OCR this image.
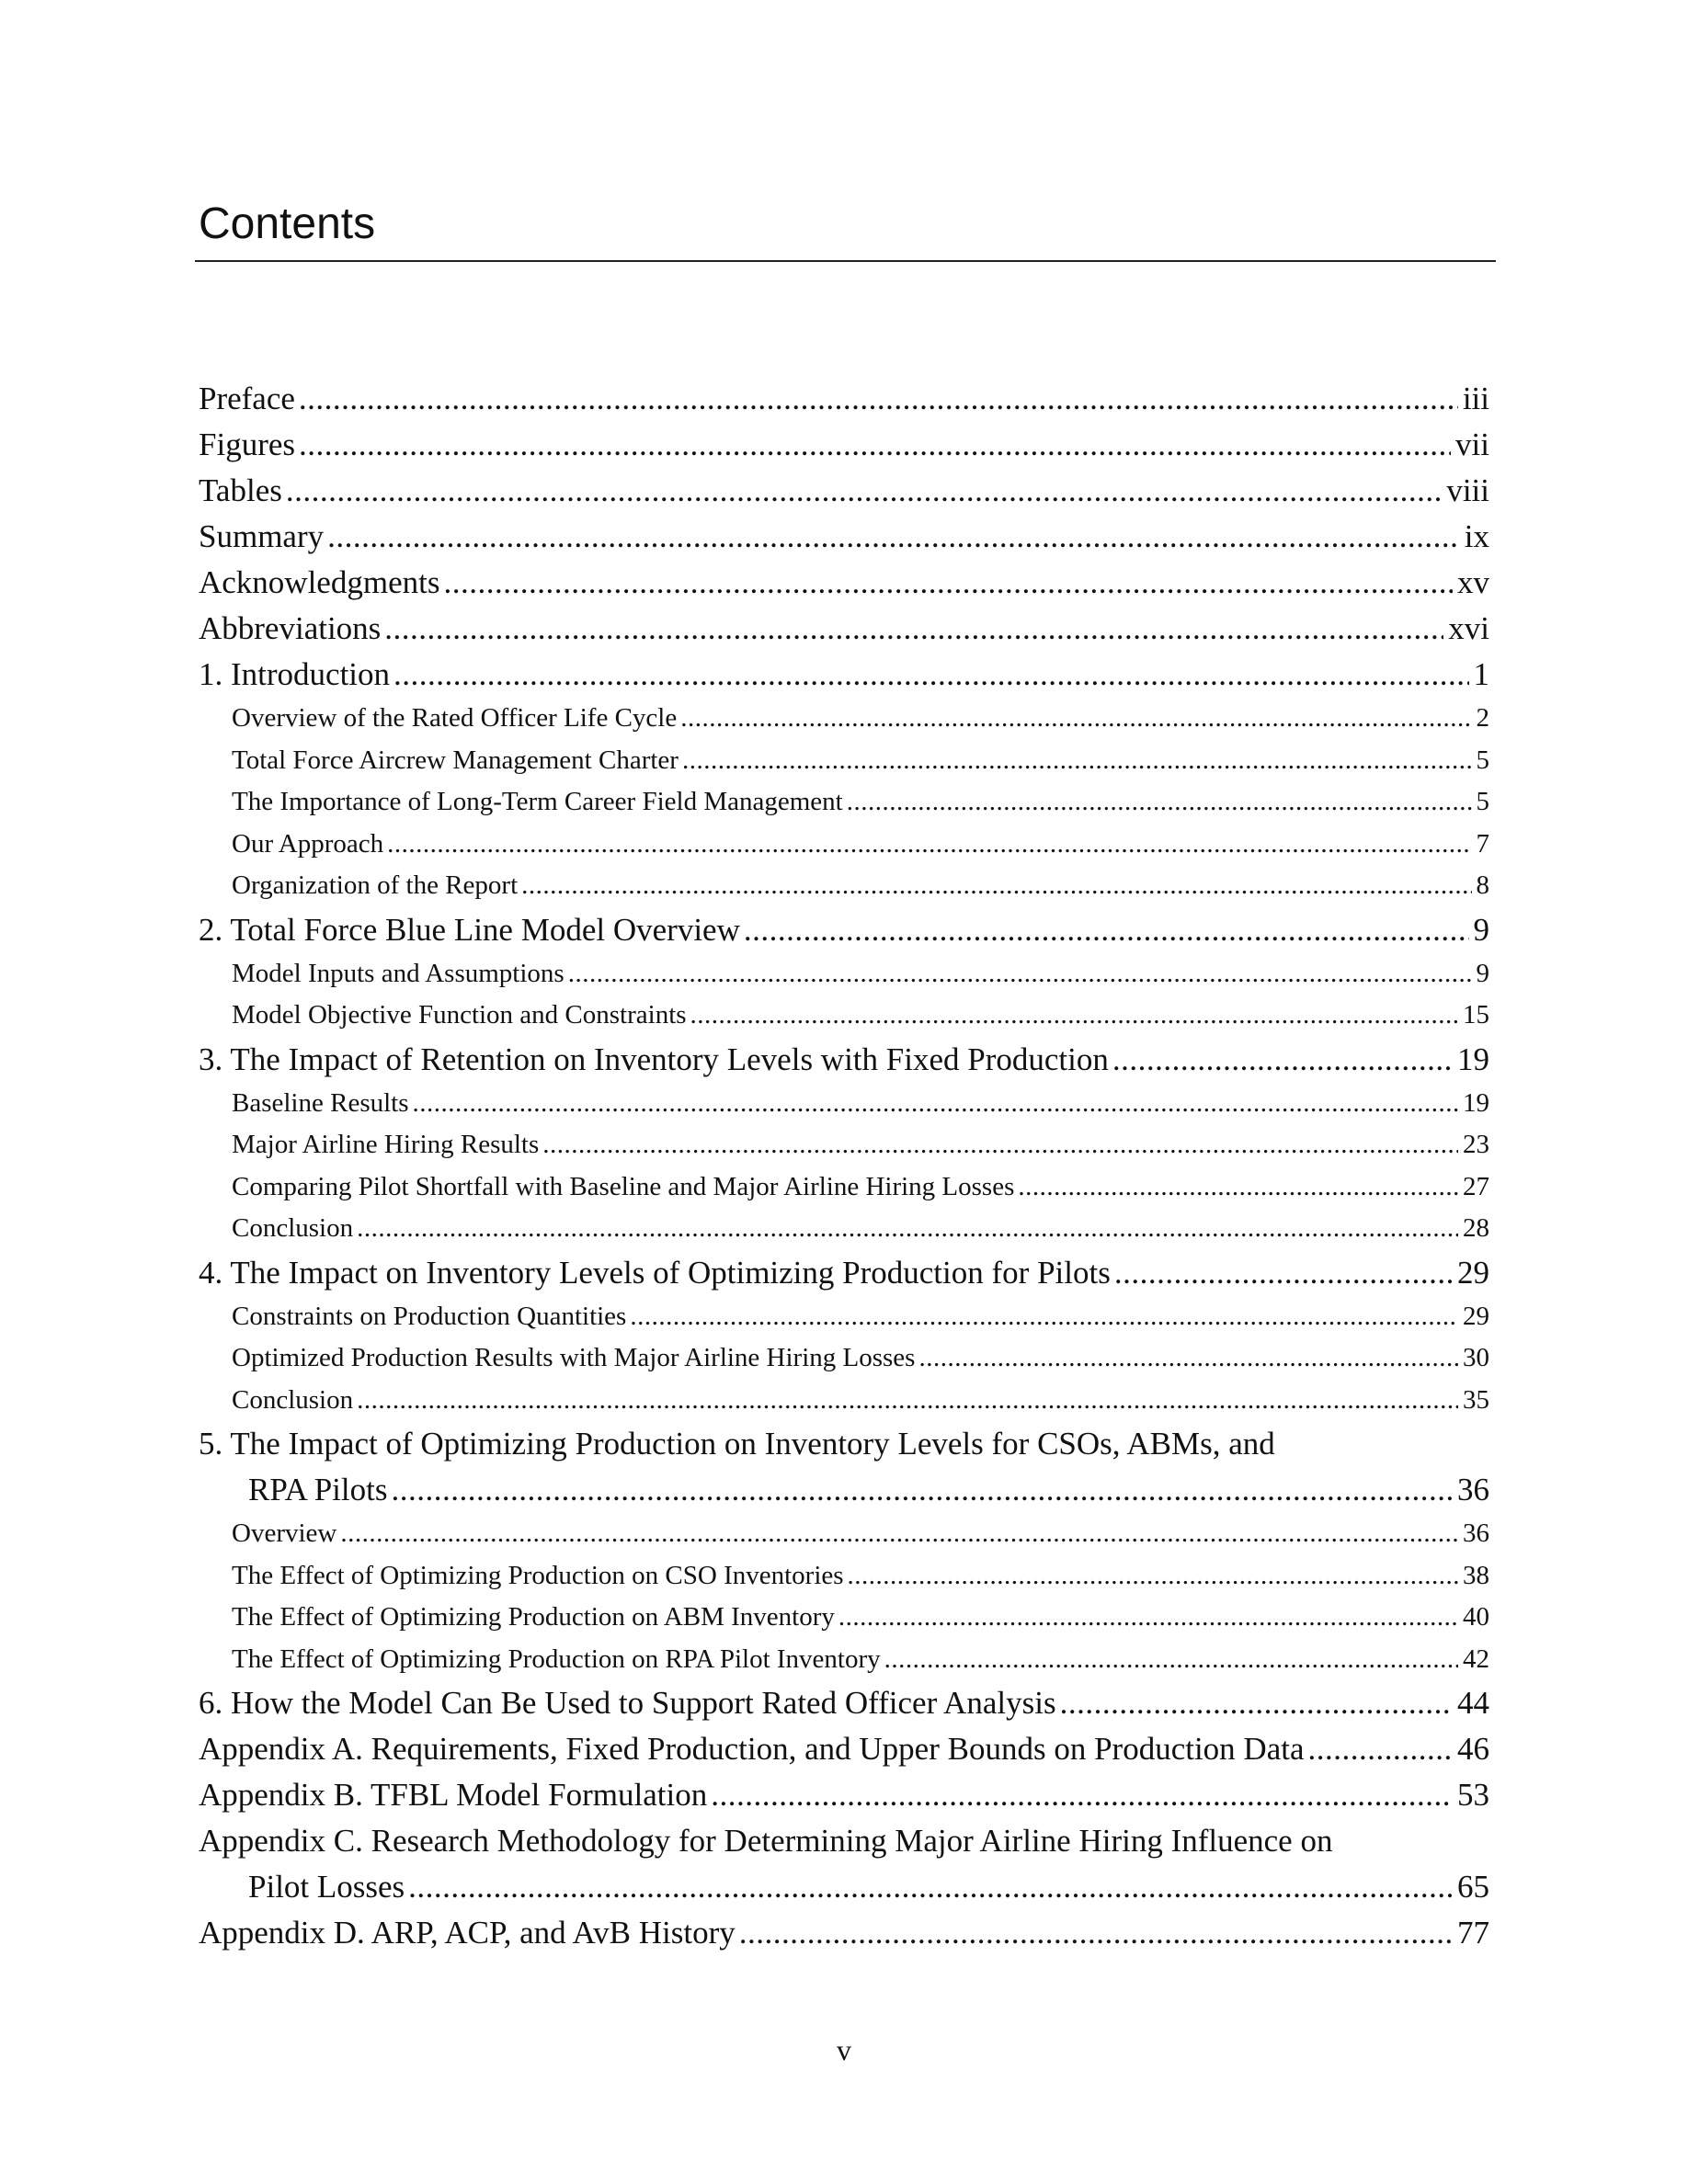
Contents
Preface .....	iii
Figures .....	vii
Tables .....	viii
Summary .....	ix
Acknowledgments .....	xv
Abbreviations .....	xvi
1. Introduction .....	1
Overview of the Rated Officer Life Cycle .....	2
Total Force Aircrew Management Charter .....	5
The Importance of Long-Term Career Field Management .....	5
Our Approach .....	7
Organization of the Report .....	8
2. Total Force Blue Line Model Overview .....	9
Model Inputs and Assumptions .....	9
Model Objective Function and Constraints .....	15
3. The Impact of Retention on Inventory Levels with Fixed Production .....	19
Baseline Results .....	19
Major Airline Hiring Results .....	23
Comparing Pilot Shortfall with Baseline and Major Airline Hiring Losses .....	27
Conclusion .....	28
4. The Impact on Inventory Levels of Optimizing Production for Pilots .....	29
Constraints on Production Quantities .....	29
Optimized Production Results with Major Airline Hiring Losses .....	30
Conclusion .....	35
5. The Impact of Optimizing Production on Inventory Levels for CSOs, ABMs, and
RPA Pilots .....	36
Overview .....	36
The Effect of Optimizing Production on CSO Inventories .....	38
The Effect of Optimizing Production on ABM Inventory .....	40
The Effect of Optimizing Production on RPA Pilot Inventory .....	42
6. How the Model Can Be Used to Support Rated Officer Analysis .....	44
Appendix A. Requirements, Fixed Production, and Upper Bounds on Production Data .....	46
Appendix B. TFBL Model Formulation .....	53
Appendix C. Research Methodology for Determining Major Airline Hiring Influence on
Pilot Losses .....	65
Appendix D. ARP, ACP, and AvB History .....	77
v
